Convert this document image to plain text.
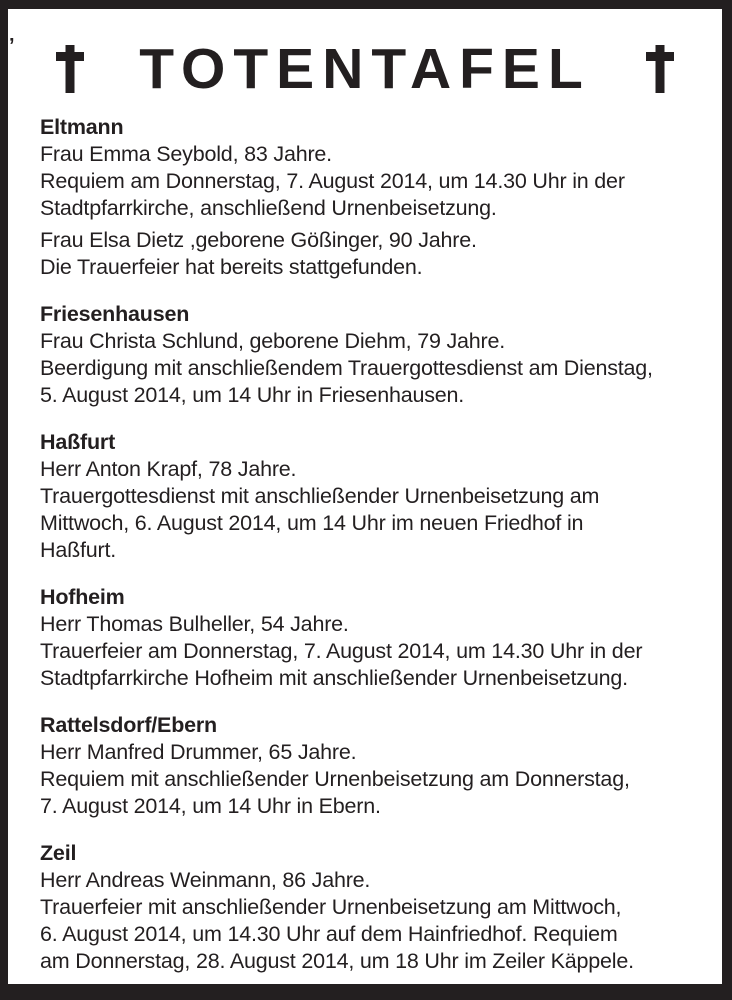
’ TOTENTAFEL
Eltmann

Frau Emma Seybold, 83 Jahre.
Requiem am Donnerstag, 7. August 2014, um 14.30 Uhr in der
Stadtpfarrkirche, anschließend Urnenbeisetzung.

Frau Elsa Dietz ,geborene Gößinger, 90 Jahre.
Die Trauerfeier hat bereits stattgefunden.

Friesenhausen

Frau Christa Schlund, geborene Diehm, 79 Jahre.
Beerdigung mit anschließendem Trauergottesdienst am Dienstag,
5. August 2014, um 14 Uhr in Friesenhausen.

Haßfurt

Herr Anton Krapf, 78 Jahre.
Trauergottesdienst mit anschließender Urnenbeisetzung am
Mittwoch, 6. August 2014, um 14 Uhr im neuen Friedhof in
Haßfurt.

Hofheim

Herr Thomas Bulheller, 54 Jahre.
Trauerfeier am Donnerstag, 7. August 2014, um 14.30 Uhr in der
Stadtpfarrkirche Hofheim mit anschließender Urnenbeisetzung.

Rattelsdorf/Ebern

Herr Manfred Drummer, 65 Jahre.
Requiem mit anschließender Urnenbeisetzung am Donnerstag,
7. August 2014, um 14 Uhr in Ebern.

Zeil

Herr Andreas Weinmann, 86 Jahre.
Trauerfeier mit anschließender Urnenbeisetzung am Mittwoch,
6. August 2014, um 14.30 Uhr auf dem Hainfriedhof. Requiem
am Donnerstag, 28. August 2014, um 18 Uhr im Zeiler Käppele.
